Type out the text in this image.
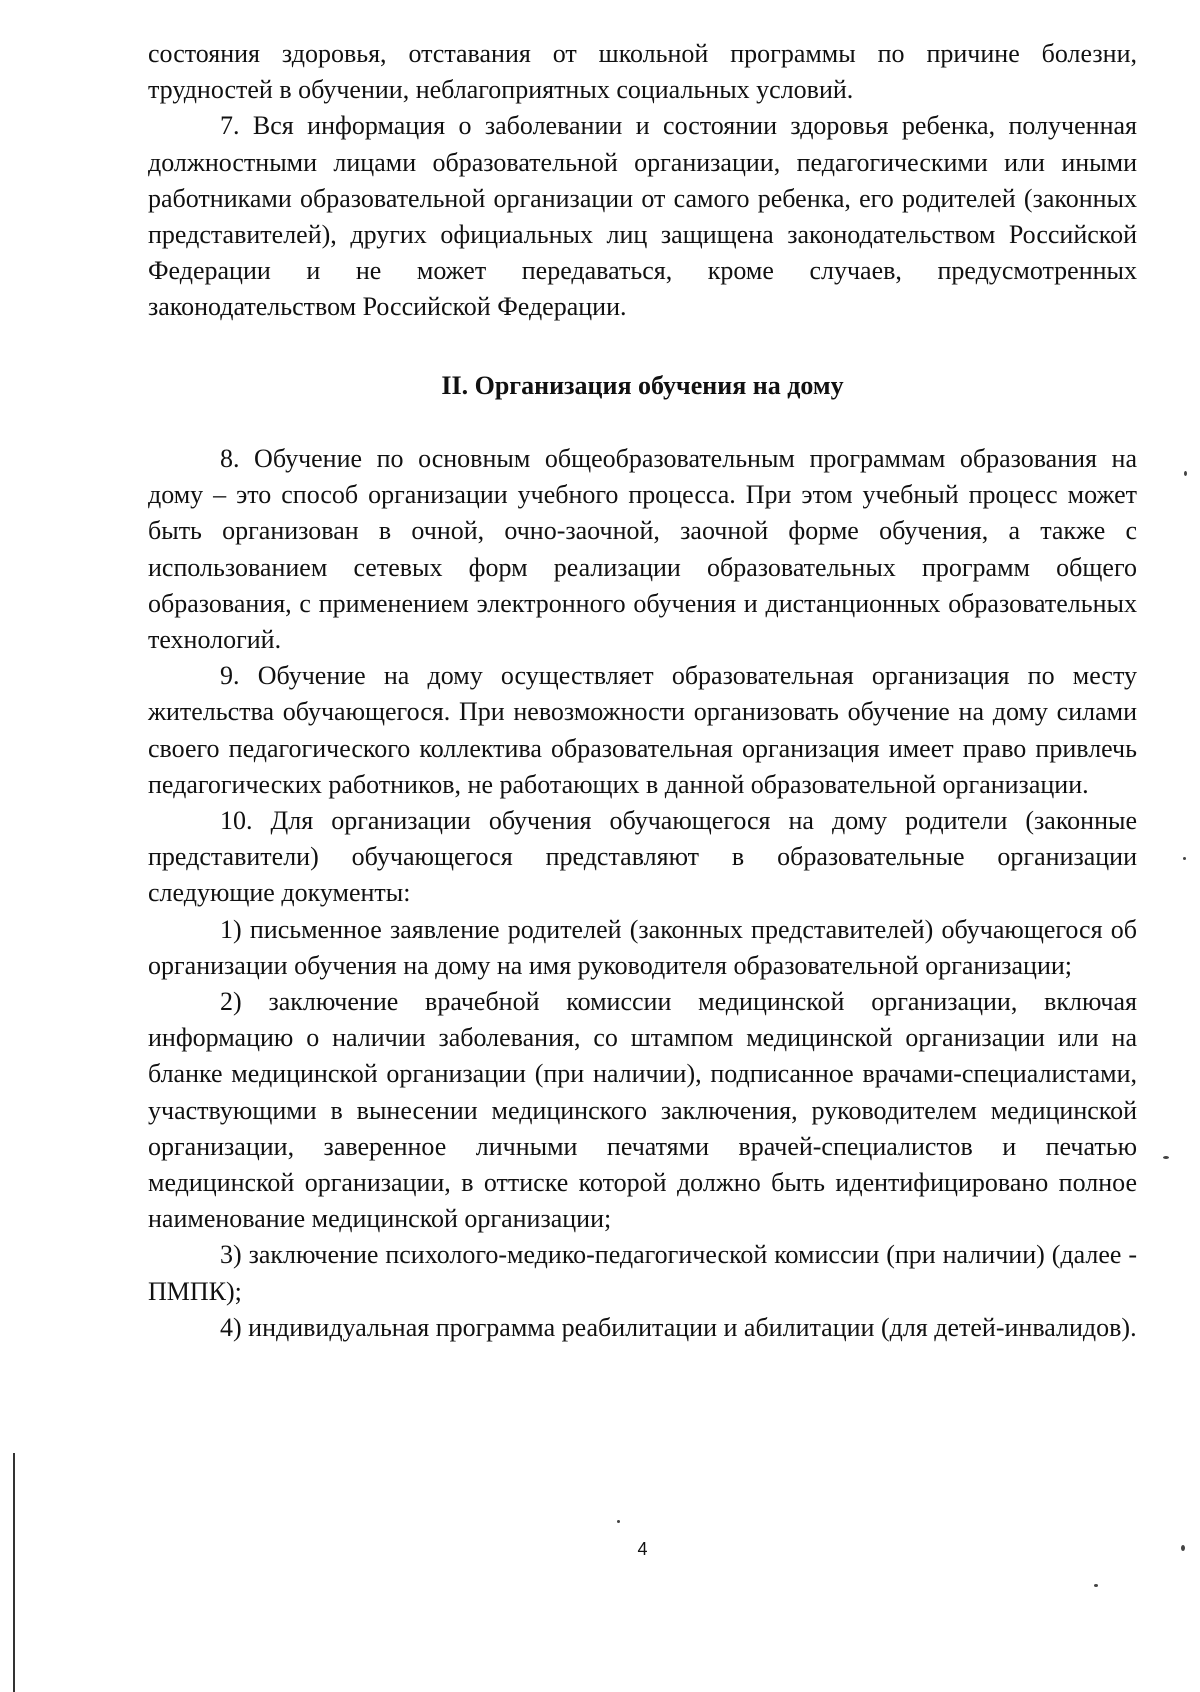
состояния здоровья, отставания от школьной программы по причине болезни, трудностей в обучении, неблагоприятных социальных условий.

7. Вся информация о заболевании и состоянии здоровья ребенка, полученная должностными лицами образовательной организации, педагогическими или иными работниками образовательной организации от самого ребенка, его родителей (законных представителей), других официальных лиц защищена законодательством Российской Федерации и не может передаваться, кроме случаев, предусмотренных законодательством Российской Федерации.

II. Организация обучения на дому

8. Обучение по основным общеобразовательным программам образования на дому – это способ организации учебного процесса. При этом учебный процесс может быть организован в очной, очно-заочной, заочной форме обучения, а также с использованием сетевых форм реализации образовательных программ общего образования, с применением электронного обучения и дистанционных образовательных технологий.

9. Обучение на дому осуществляет образовательная организация по месту жительства обучающегося. При невозможности организовать обучение на дому силами своего педагогического коллектива образовательная организация имеет право привлечь педагогических работников, не работающих в данной образовательной организации.

10. Для организации обучения обучающегося на дому родители (законные представители) обучающегося представляют в образовательные организации следующие документы:

1) письменное заявление родителей (законных представителей) обучающегося об организации обучения на дому на имя руководителя образовательной организации;

2) заключение врачебной комиссии медицинской организации, включая информацию о наличии заболевания, со штампом медицинской организации или на бланке медицинской организации (при наличии), подписанное врачами-специалистами, участвующими в вынесении медицинского заключения, руководителем медицинской организации, заверенное личными печатями врачей-специалистов и печатью медицинской организации, в оттиске которой должно быть идентифицировано полное наименование медицинской организации;

3) заключение психолого-медико-педагогической комиссии (при наличии) (далее - ПМПК);

4) индивидуальная программа реабилитации и абилитации (для детей-инвалидов).

4
